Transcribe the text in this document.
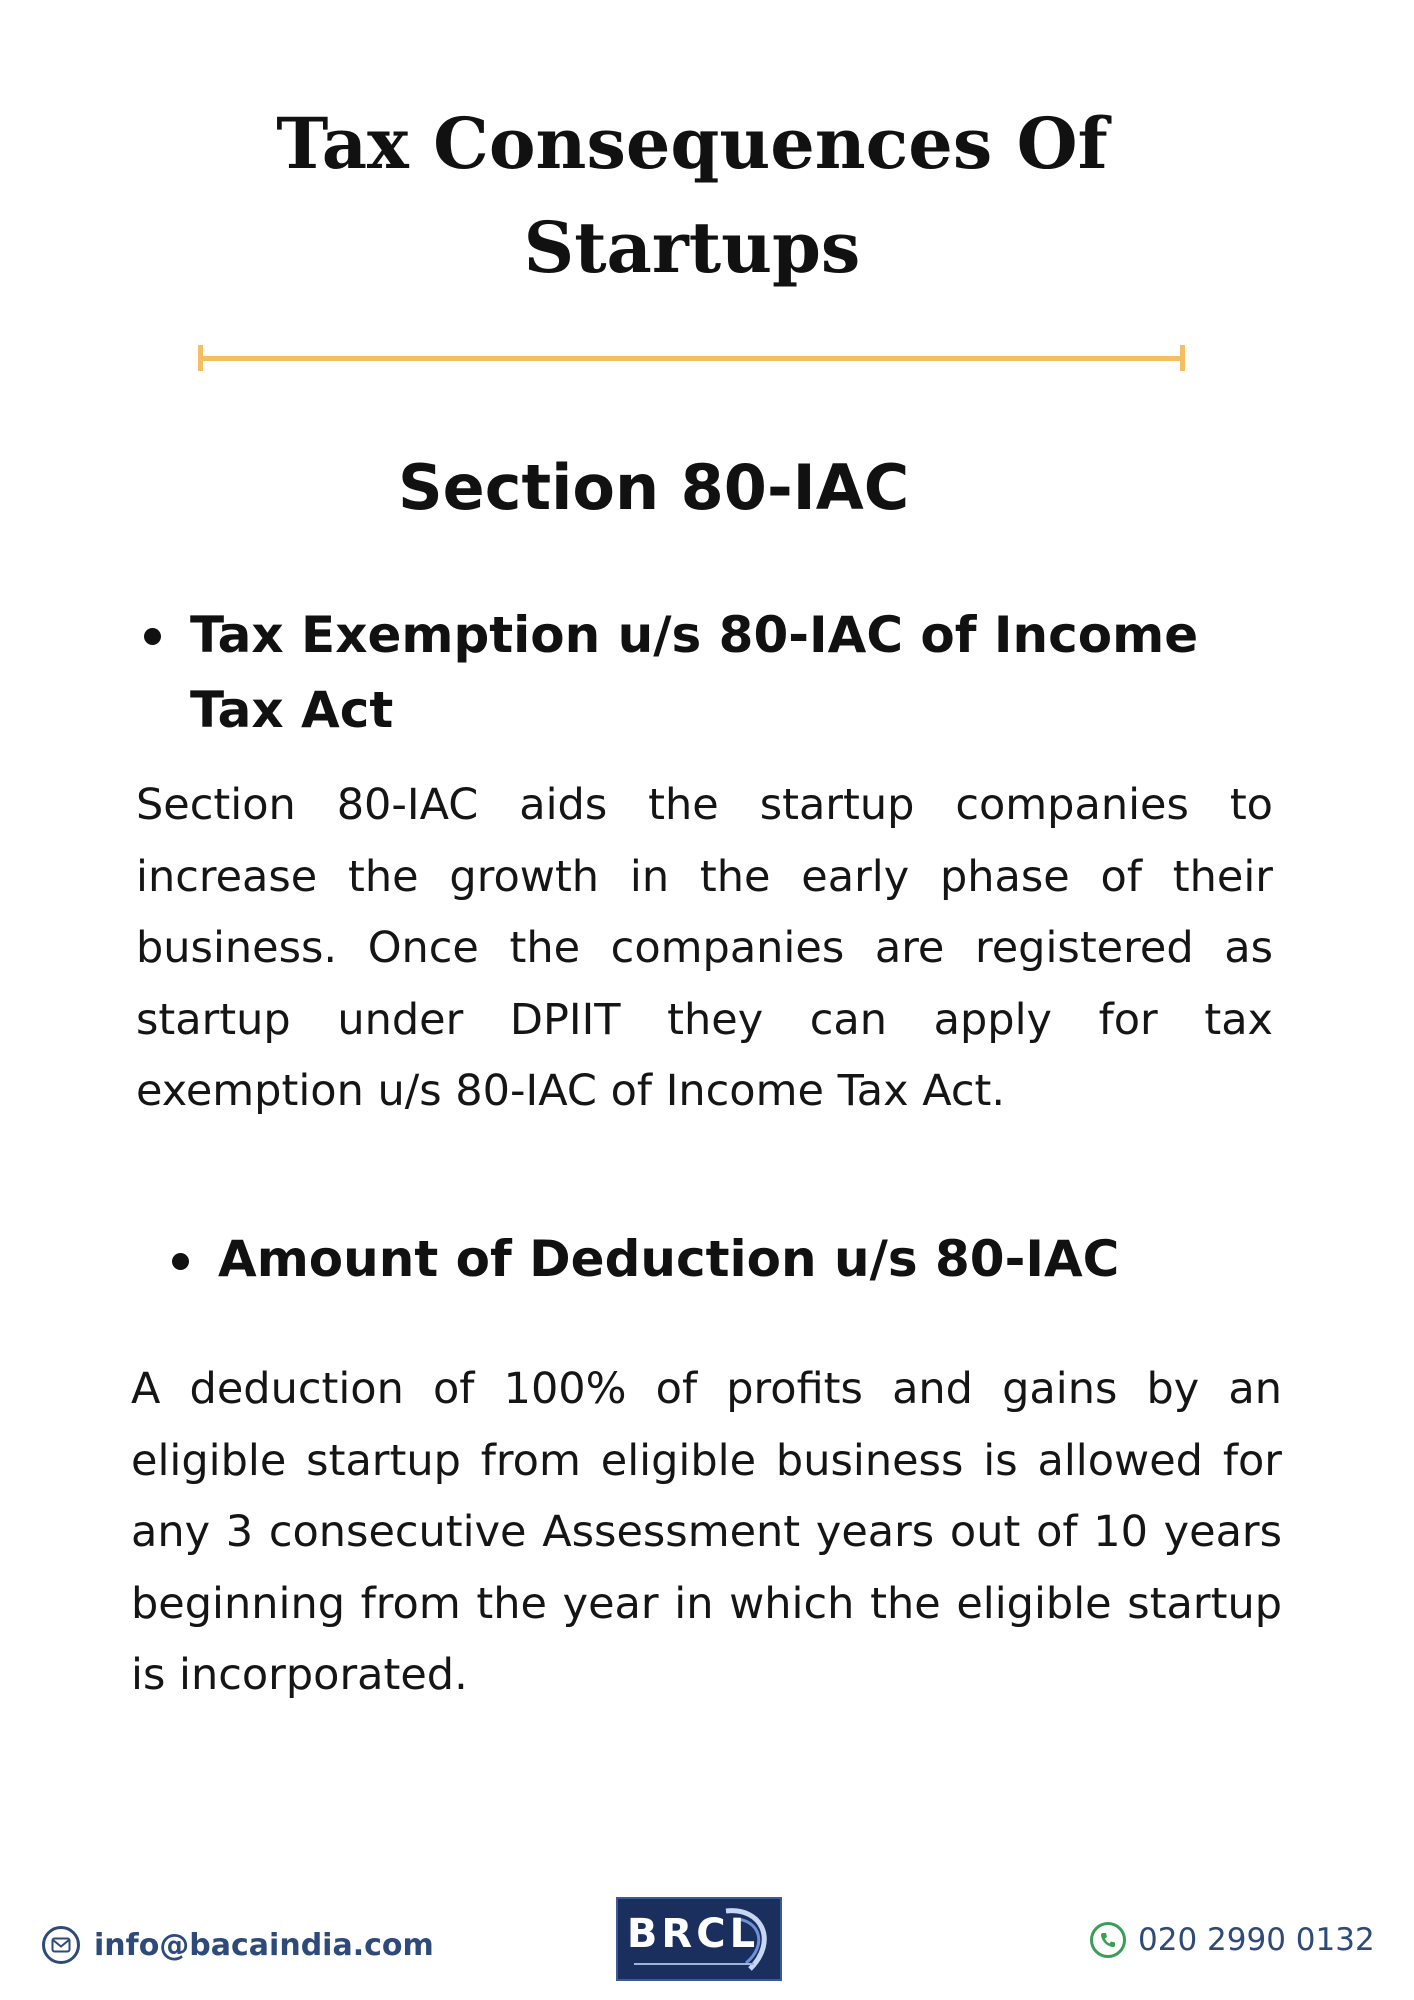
Tax Consequences Of
Startups
Section 80-IAC
Tax Exemption u/s 80-IAC of Income Tax Act

Section 80-IAC aids the startup companies to increase the growth in the early phase of their business. Once the companies are registered as startup under DPIIT they can apply for tax exemption u/s 80-IAC of Income Tax Act.

Amount of Deduction u/s 80-IAC

A deduction of 100% of profits and gains by an eligible startup from eligible business is allowed for any 3 consecutive Assessment years out of 10 years beginning from the year in which the eligible startup is incorporated.

info@bacaindia.com	BRCL	020 2990 0132
